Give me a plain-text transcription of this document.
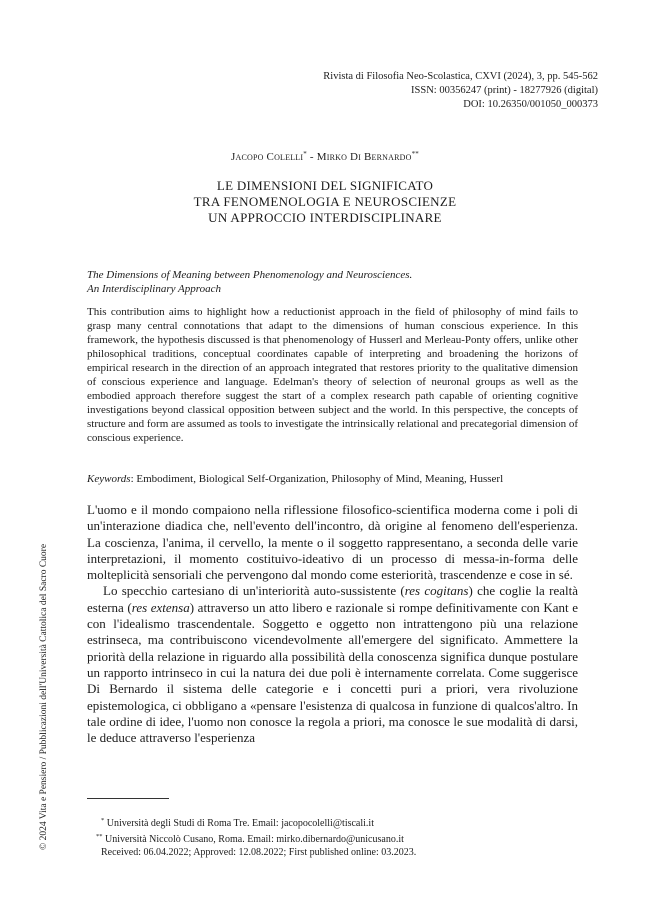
Rivista di Filosofia Neo-Scolastica, CXVI (2024), 3, pp. 545-562
ISSN: 00356247 (print) - 18277926 (digital)
DOI: 10.26350/001050_000373
Jacopo Colelli* - Mirko Di Bernardo**
LE DIMENSIONI DEL SIGNIFICATO
TRA FENOMENOLOGIA E NEUROSCIENZE
UN APPROCCIO INTERDISCIPLINARE
The Dimensions of Meaning between Phenomenology and Neurosciences.
An Interdisciplinary Approach
This contribution aims to highlight how a reductionist approach in the field of philosophy of mind fails to grasp many central connotations that adapt to the dimensions of human conscious experience. In this framework, the hypothesis discussed is that phenomenology of Husserl and Merleau-Ponty offers, unlike other philosophical traditions, conceptual coordinates capable of interpreting and broadening the horizons of empirical research in the direction of an approach integrated that restores priority to the qualitative dimension of conscious experience and language. Edelman's theory of selection of neuronal groups as well as the embodied approach therefore suggest the start of a complex research path capable of orienting cognitive investigations beyond classical opposition between subject and the world. In this perspective, the concepts of structure and form are assumed as tools to investigate the intrinsically relational and precategorial dimension of conscious experience.
Keywords: Embodiment, Biological Self-Organization, Philosophy of Mind, Meaning, Husserl

L'uomo e il mondo compaiono nella riflessione filosofico-scientifica moderna come i poli di un'interazione diadica che, nell'evento dell'incontro, dà origine al fenomeno dell'esperienza. La coscienza, l'anima, il cervello, la mente o il soggetto rappresentano, a seconda delle varie interpretazioni, il momento costituivo-ideativo di un processo di messa-in-forma delle molteplicità sensoriali che pervengono dal mondo come esteriorità, trascendenze e cose in sé.

Lo specchio cartesiano di un'interiorità auto-sussistente (res cogitans) che coglie la realtà esterna (res extensa) attraverso un atto libero e razionale si rompe definitivamente con Kant e con l'idealismo trascendentale. Soggetto e oggetto non intrattengono più una relazione estrinseca, ma contribuiscono vicendevolmente all'emergere del significato. Ammettere la priorità della relazione in riguardo alla possibilità della conoscenza significa dunque postulare un rapporto intrinseco in cui la natura dei due poli è internamente correlata. Come suggerisce Di Bernardo il sistema delle categorie e i concetti puri a priori, vera rivoluzione epistemologica, ci obbligano a «pensare l'esistenza di qualcosa in funzione di qualcos'altro. In tale ordine di idee, l'uomo non conosce la regola a priori, ma conosce le sue modalità di darsi, le deduce attraverso l'esperienza

© 2024 Vita e Pensiero / Pubblicazioni dell'Università Cattolica del Sacro Cuore	* Università degli Studi di Roma Tre. Email: jacopocolelli@tiscali.it
** Università Niccolò Cusano, Roma. Email: mirko.dibernardo@unicusano.it
Received: 06.04.2022; Approved: 12.08.2022; First published online: 03.2023.
